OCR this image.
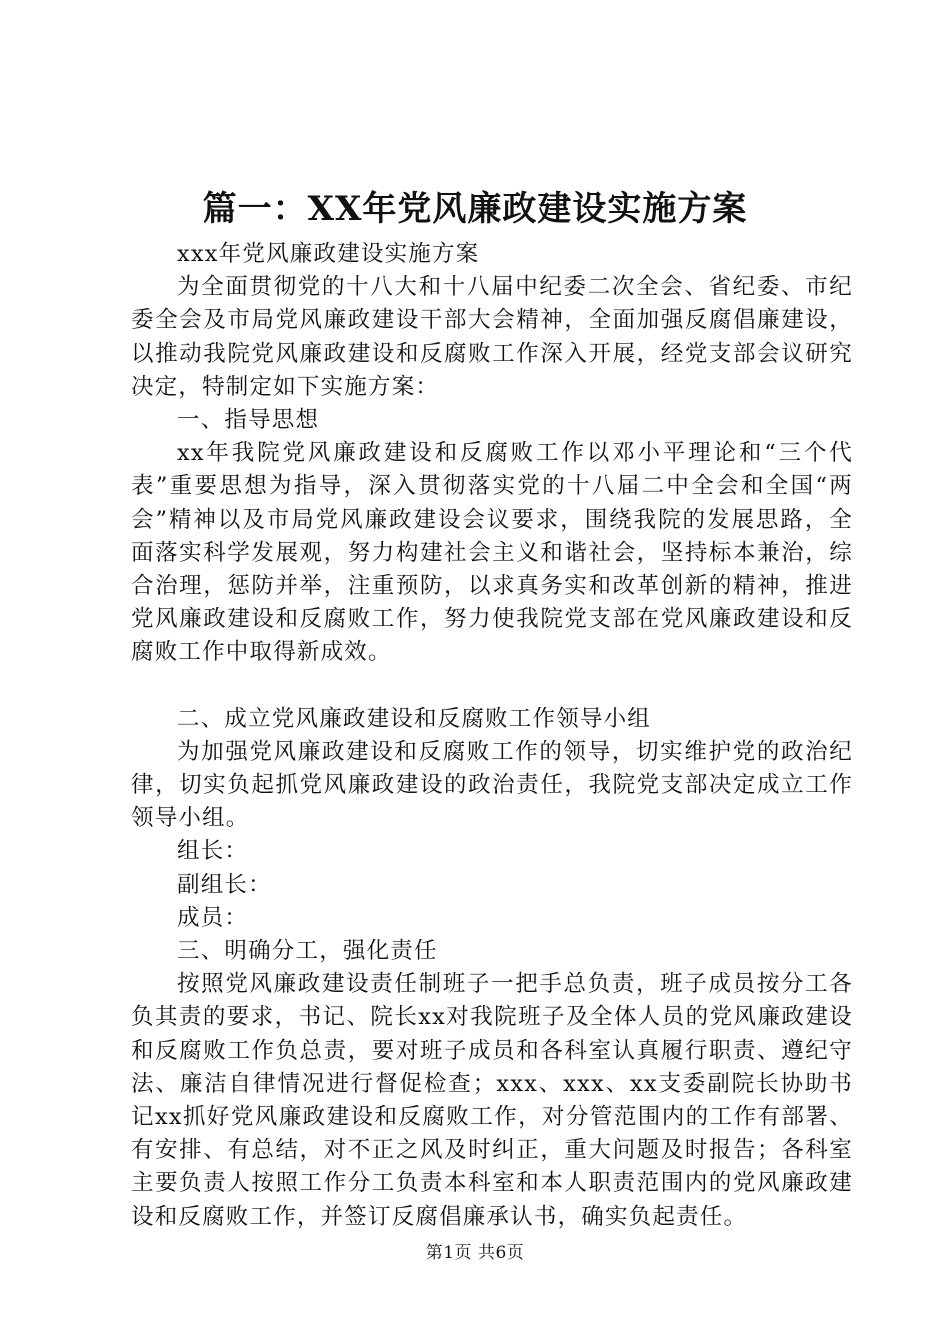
篇一：XX年党风廉政建设实施方案

xxx年党风廉政建设实施方案

为全面贯彻党的十八大和十八届中纪委二次全会、省纪委、市纪委全会及市局党风廉政建设干部大会精神，全面加强反腐倡廉建设，以推动我院党风廉政建设和反腐败工作深入开展，经党支部会议研究决定，特制定如下实施方案：

一、指导思想

xx年我院党风廉政建设和反腐败工作以邓小平理论和“三个代表”重要思想为指导，深入贯彻落实党的十八届二中全会和全国“两会”精神以及市局党风廉政建设会议要求，围绕我院的发展思路，全面落实科学发展观，努力构建社会主义和谐社会，坚持标本兼治，综合治理，惩防并举，注重预防，以求真务实和改革创新的精神，推进党风廉政建设和反腐败工作，努力使我院党支部在党风廉政建设和反腐败工作中取得新成效。

二、成立党风廉政建设和反腐败工作领导小组

为加强党风廉政建设和反腐败工作的领导，切实维护党的政治纪律，切实负起抓党风廉政建设的政治责任，我院党支部决定成立工作领导小组。

组长：

副组长：

成员：

三、明确分工，强化责任

按照党风廉政建设责任制班子一把手总负责，班子成员按分工各负其责的要求，书记、院长xx对我院班子及全体人员的党风廉政建设和反腐败工作负总责，要对班子成员和各科室认真履行职责、遵纪守法、廉洁自律情况进行督促检查；xxx、xxx、xx支委副院长协助书记xx抓好党风廉政建设和反腐败工作，对分管范围内的工作有部署、有安排、有总结，对不正之风及时纠正，重大问题及时报告；各科室主要负责人按照工作分工负责本科室和本人职责范围内的党风廉政建设和反腐败工作，并签订反腐倡廉承认书，确实负起责任。

第1页 共6页
